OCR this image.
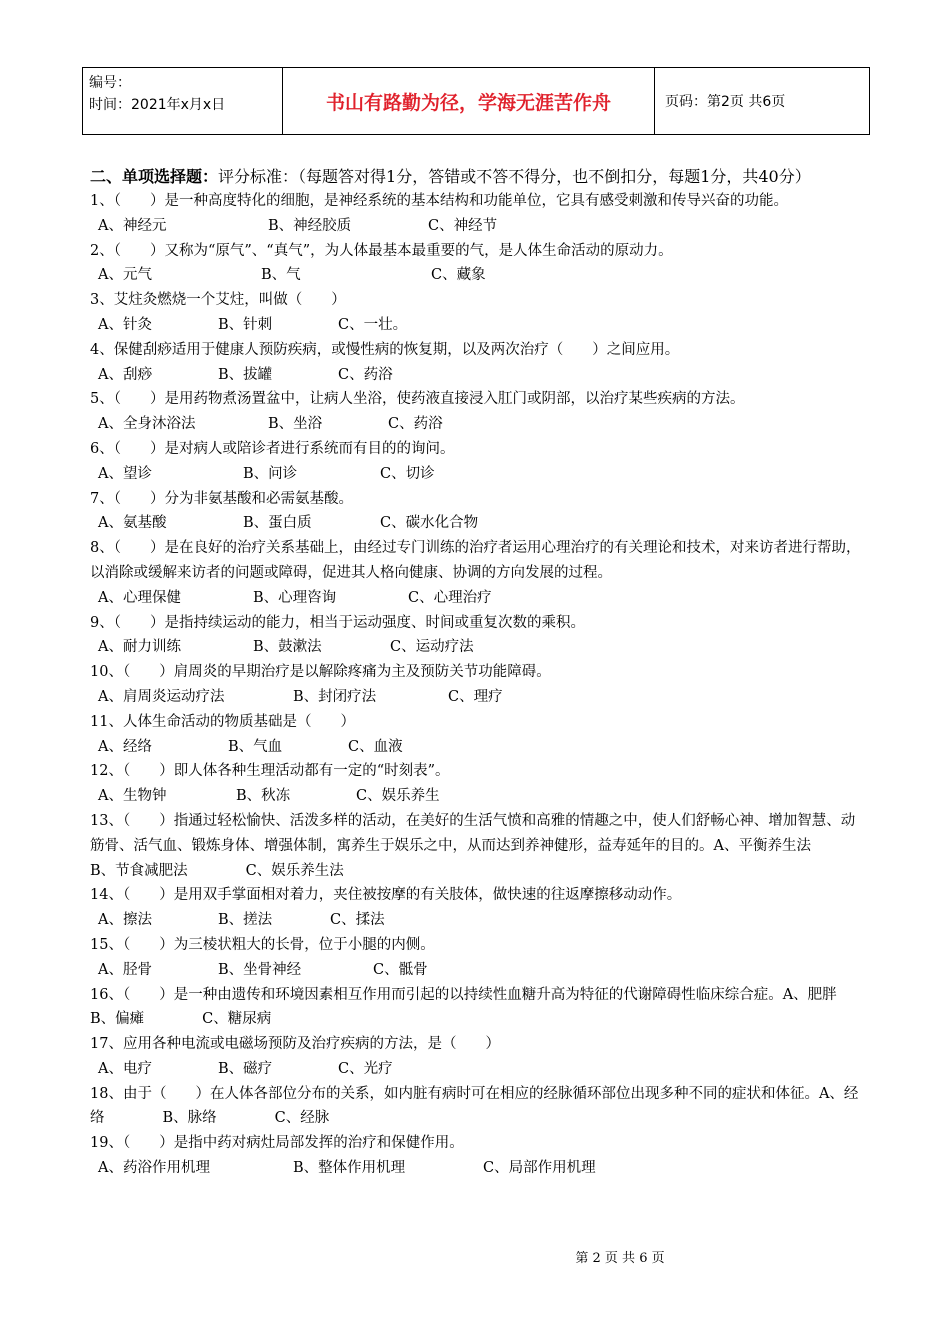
编号：
时间：2021年x月x日	书山有路勤为径，学海无涯苦作舟	页码：第2页 共6页

二、单项选择题：评分标准：（每题答对得1分，答错或不答不得分，也不倒扣分，每题1分，共40分）

1、（　　）是一种高度特化的细胞，是神经系统的基本结构和功能单位，它具有感受刺激和传导兴奋的功能。

A、神经元	B、神经胶质	C、神经节

2、（　　）又称为“原气”、“真气”，为人体最基本最重要的气，是人体生命活动的原动力。

A、元气	B、气	C、藏象

3、艾炷灸燃烧一个艾炷，叫做（　　）

A、针灸	B、针刺	C、一壮。

4、保健刮痧适用于健康人预防疾病，或慢性病的恢复期，以及两次治疗（　　）之间应用。

A、刮痧	B、拔罐	C、药浴

5、（　　）是用药物煮汤置盆中，让病人坐浴，使药液直接浸入肛门或阴部，以治疗某些疾病的方法。

A、全身沐浴法	B、坐浴	C、药浴

6、（　　）是对病人或陪诊者进行系统而有目的的询问。

A、望诊	B、问诊	C、切诊

7、（　　）分为非氨基酸和必需氨基酸。

A、氨基酸	B、蛋白质	C、碳水化合物

8、（　　）是在良好的治疗关系基础上，由经过专门训练的治疗者运用心理治疗的有关理论和技术，对来访者进行帮助，以消除或缓解来访者的问题或障碍，促进其人格向健康、协调的方向发展的过程。

A、心理保健	B、心理咨询	C、心理治疗

9、（　　）是指持续运动的能力，相当于运动强度、时间或重复次数的乘积。

A、耐力训练	B、鼓漱法	C、运动疗法

10、（　　）肩周炎的早期治疗是以解除疼痛为主及预防关节功能障碍。

A、肩周炎运动疗法	B、封闭疗法	C、理疗

11、人体生命活动的物质基础是（　　）

A、经络	B、气血	C、血液

12、（　　）即人体各种生理活动都有一定的“时刻表”。

A、生物钟	B、秋冻	C、娱乐养生

13、（　　）指通过轻松愉快、活泼多样的活动，在美好的生活气愤和高雅的情趣之中，使人们舒畅心神、增加智慧、动筋骨、活气血、锻炼身体、增强体制，寓养生于娱乐之中，从而达到养神健形，益寿延年的目的。A、平衡养生法　　　　B、节食减肥法　　　　C、娱乐养生法

14、（　　）是用双手掌面相对着力，夹住被按摩的有关肢体，做快速的往返摩擦移动动作。

A、擦法	B、搓法	C、揉法

15、（　　）为三棱状粗大的长骨，位于小腿的内侧。

A、胫骨	B、坐骨神经	C、骶骨

16、（　　）是一种由遗传和环境因素相互作用而引起的以持续性血糖升高为特征的代谢障碍性临床综合症。A、肥胖　　　　B、偏瘫　　　　C、糖尿病

17、应用各种电流或电磁场预防及治疗疾病的方法，是（　　）

A、电疗	B、磁疗	C、光疗

18、由于（　　）在人体各部位分布的关系，如内脏有病时可在相应的经脉循环部位出现多种不同的症状和体征。A、经络　　　　B、脉络　　　　C、经脉

19、（　　）是指中药对病灶局部发挥的治疗和保健作用。

A、药浴作用机理	B、整体作用机理	C、局部作用机理

第 2 页 共 6 页
